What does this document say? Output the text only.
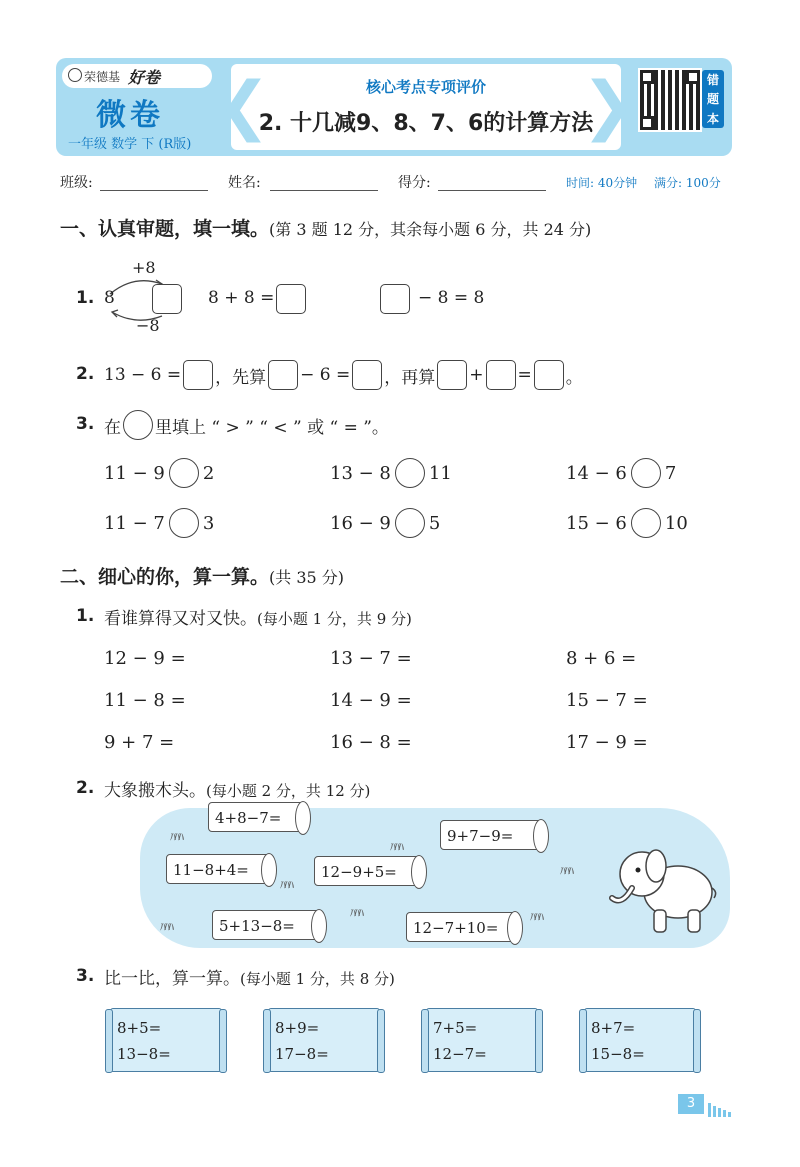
荣德基 好卷
微卷
一年级 数学 下 (R版)
❮	❯
核心考点专项评价
2. 十几减9、8、7、6的计算方法
错
题
本
班级:	姓名:	得分:	时间: 40分钟 满分: 100分
一、认真审题，填一填。(第 3 题 12 分，其余每小题 6 分，共 24 分)
1.
+8
8
−8
8 + 8 =	− 8 = 8
2. 13 − 6 = ，先算 − 6 = ，再算 + = 。
3. 在 里填上 “ > ” “ < ” 或 “ = ”。
11 − 9 2	13 − 8 11	14 − 6 7
11 − 7 3	16 − 9 5	15 − 6 10
二、细心的你，算一算。(共 35 分)
1. 看谁算得又对又快。(每小题 1 分，共 9 分)
12 − 9 =	13 − 7 =	8 + 6 =
11 − 8 =	14 − 9 =	15 − 7 =
9 + 7 =	16 − 8 =	17 − 9 =
2. 大象搬木头。(每小题 2 分，共 12 分)
ﾊﾊﾊ
ﾊﾊﾊ
ﾊﾊﾊ
ﾊﾊﾊ
ﾊﾊﾊ	ﾊﾊﾊ
ﾊﾊﾊ
4+8−7=
9+7−9=
11−8+4=	12−9+5=
5+13−8=	12−7+10=
3. 比一比，算一算。(每小题 1 分，共 8 分)
8+5=
13−8=
8+9=
17−8=
7+5=
12−7=
8+7=
15−8=
3
